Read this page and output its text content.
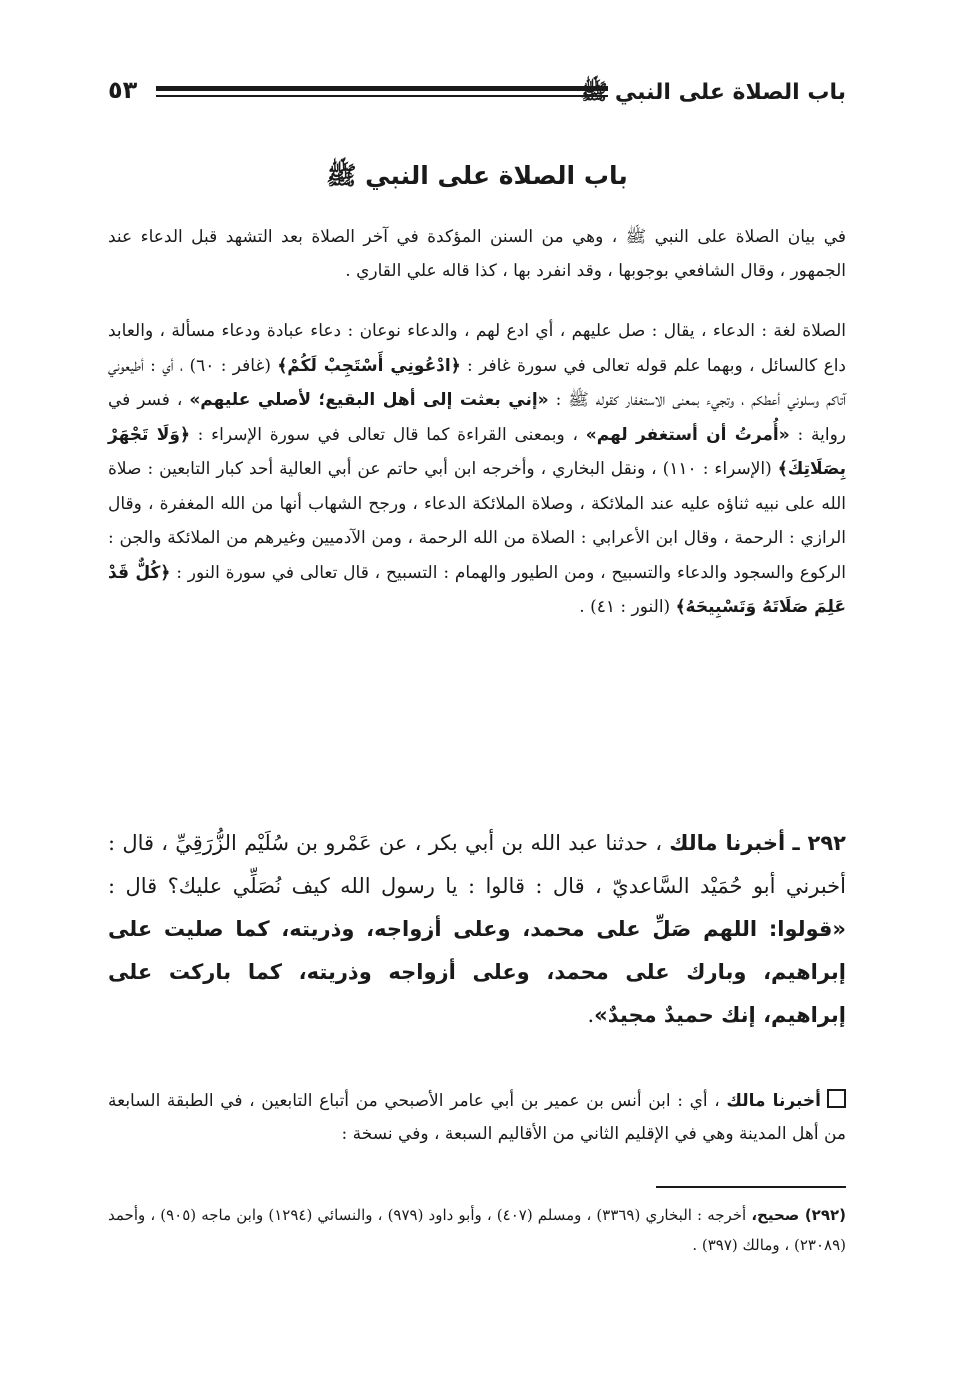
باب الصلاة على النبي ﷺ
٥٣
باب الصلاة على النبي ﷺ
في بيان الصلاة على النبي ﷺ ، وهي من السنن المؤكدة في آخر الصلاة بعد التشهد قبل الدعاء عند الجمهور ، وقال الشافعي بوجوبها ، وقد انفرد بها ، كذا قاله علي القاري .
الصلاة لغة : الدعاء ، يقال : صل عليهم ، أي ادع لهم ، والدعاء نوعان : دعاء عبادة ودعاء مسألة ، والعابد داع كالسائل ، وبهما علم قوله تعالى في سورة غافر : ﴿ادْعُونِي أَسْتَجِبْ لَكُمْ﴾ (غافر : ٦٠) ، أي : أطيعوني آتاكم وسلوني أعطكم ، وتجيء بمعنى الاستغفار كقوله ﷺ : «إني بعثت إلى أهل البقيع؛ لأصلي عليهم» ، فسر في رواية : «أُمرتُ أن أستغفر لهم» ، وبمعنى القراءة كما قال تعالى في سورة الإسراء : ﴿وَلَا تَجْهَرْ بِصَلَاتِكَ﴾ (الإسراء : ١١٠) ، ونقل البخاري ، وأخرجه ابن أبي حاتم عن أبي العالية أحد كبار التابعين : صلاة الله على نبيه ثناؤه عليه عند الملائكة ، وصلاة الملائكة الدعاء ، ورجح الشهاب أنها من الله المغفرة ، وقال الرازي : الرحمة ، وقال ابن الأعرابي : الصلاة من الله الرحمة ، ومن الآدميين وغيرهم من الملائكة والجن : الركوع والسجود والدعاء والتسبيح ، ومن الطيور والهمام : التسبيح ، قال تعالى في سورة النور : ﴿كُلٌّ قَدْ عَلِمَ صَلَاتَهُ وَتَسْبِيحَهُ﴾ (النور : ٤١) .
٢٩٢ ـ أخبرنا مالك ، حدثنا عبد الله بن أبي بكر ، عن عَمْرو بن سُلَيْم الزُّرَقِيِّ ، قال : أخبرني أبو حُمَيْد السَّاعديّ ، قال : قالوا : يا رسول الله كيف نُصَلِّي عليك؟ قال : «قولوا: اللهم صَلِّ على محمد، وعلى أزواجه، وذريته، كما صليت على إبراهيم، وبارك على محمد، وعلى أزواجه وذريته، كما باركت على إبراهيم، إنك حميدٌ مجيدٌ».
أخبرنا مالك ، أي : ابن أنس بن عمير بن أبي عامر الأصبحي من أتباع التابعين ، في الطبقة السابعة من أهل المدينة وهي في الإقليم الثاني من الأقاليم السبعة ، وفي نسخة :
(٢٩٢) صحيح، أخرجه : البخاري (٣٣٦٩) ، ومسلم (٤٠٧) ، وأبو داود (٩٧٩) ، والنسائي (١٢٩٤) وابن ماجه (٩٠٥) ، وأحمد (٢٣٠٨٩) ، ومالك (٣٩٧) .
